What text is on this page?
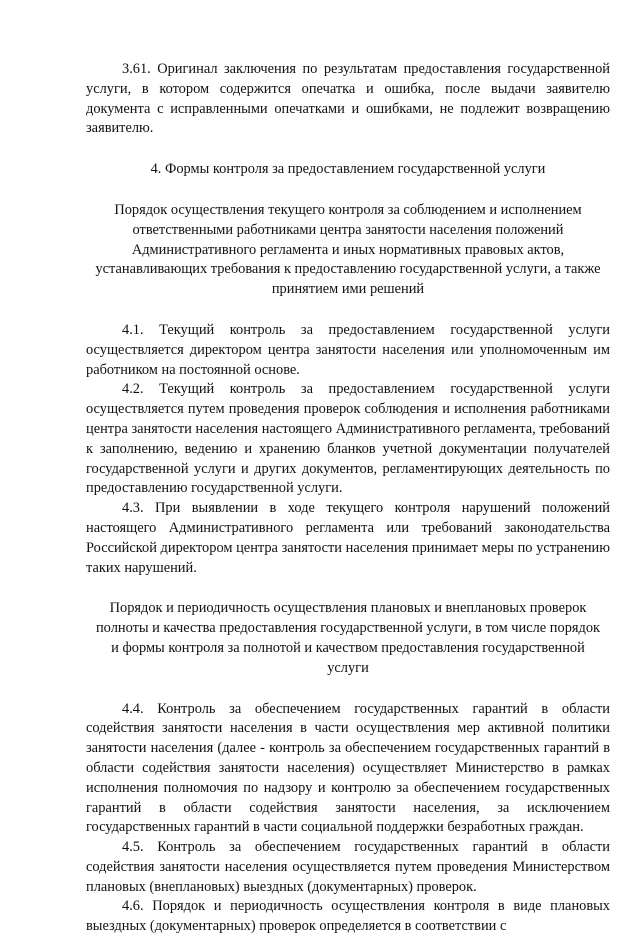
3.61. Оригинал заключения по результатам предоставления государственной услуги, в котором содержится опечатка и ошибка, после выдачи заявителю документа с исправленными опечатками и ошибками, не подлежит возвращению заявителю.

4. Формы контроля за предоставлением государственной услуги

Порядок осуществления текущего контроля за соблюдением и исполнением ответственными работниками центра занятости населения положений Административного регламента и иных нормативных правовых актов, устанавливающих требования к предоставлению государственной услуги, а также принятием ими решений

4.1. Текущий контроль за предоставлением государственной услуги осуществляется директором центра занятости населения или уполномоченным им работником на постоянной основе.

4.2. Текущий контроль за предоставлением государственной услуги осуществляется путем проведения проверок соблюдения и исполнения работниками центра занятости населения настоящего Административного регламента, требований к заполнению, ведению и хранению бланков учетной документации получателей государственной услуги и других документов, регламентирующих деятельность по предоставлению государственной услуги.

4.3. При выявлении в ходе текущего контроля нарушений положений настоящего Административного регламента или требований законодательства Российской директором центра занятости населения принимает меры по устранению таких нарушений.

Порядок и периодичность осуществления плановых и внеплановых проверок полноты и качества предоставления государственной услуги, в том числе порядок и формы контроля за полнотой и качеством предоставления государственной услуги

4.4. Контроль за обеспечением государственных гарантий в области содействия занятости населения в части осуществления мер активной политики занятости населения (далее - контроль за обеспечением государственных гарантий в области содействия занятости населения) осуществляет Министерство в рамках исполнения полномочия по надзору и контролю за обеспечением государственных гарантий в области содействия занятости населения, за исключением государственных гарантий в части социальной поддержки безработных граждан.

4.5. Контроль за обеспечением государственных гарантий в области содействия занятости населения осуществляется путем проведения Министерством плановых (внеплановых) выездных (документарных) проверок.

4.6. Порядок и периодичность осуществления контроля в виде плановых выездных (документарных) проверок определяется в соответствии с
